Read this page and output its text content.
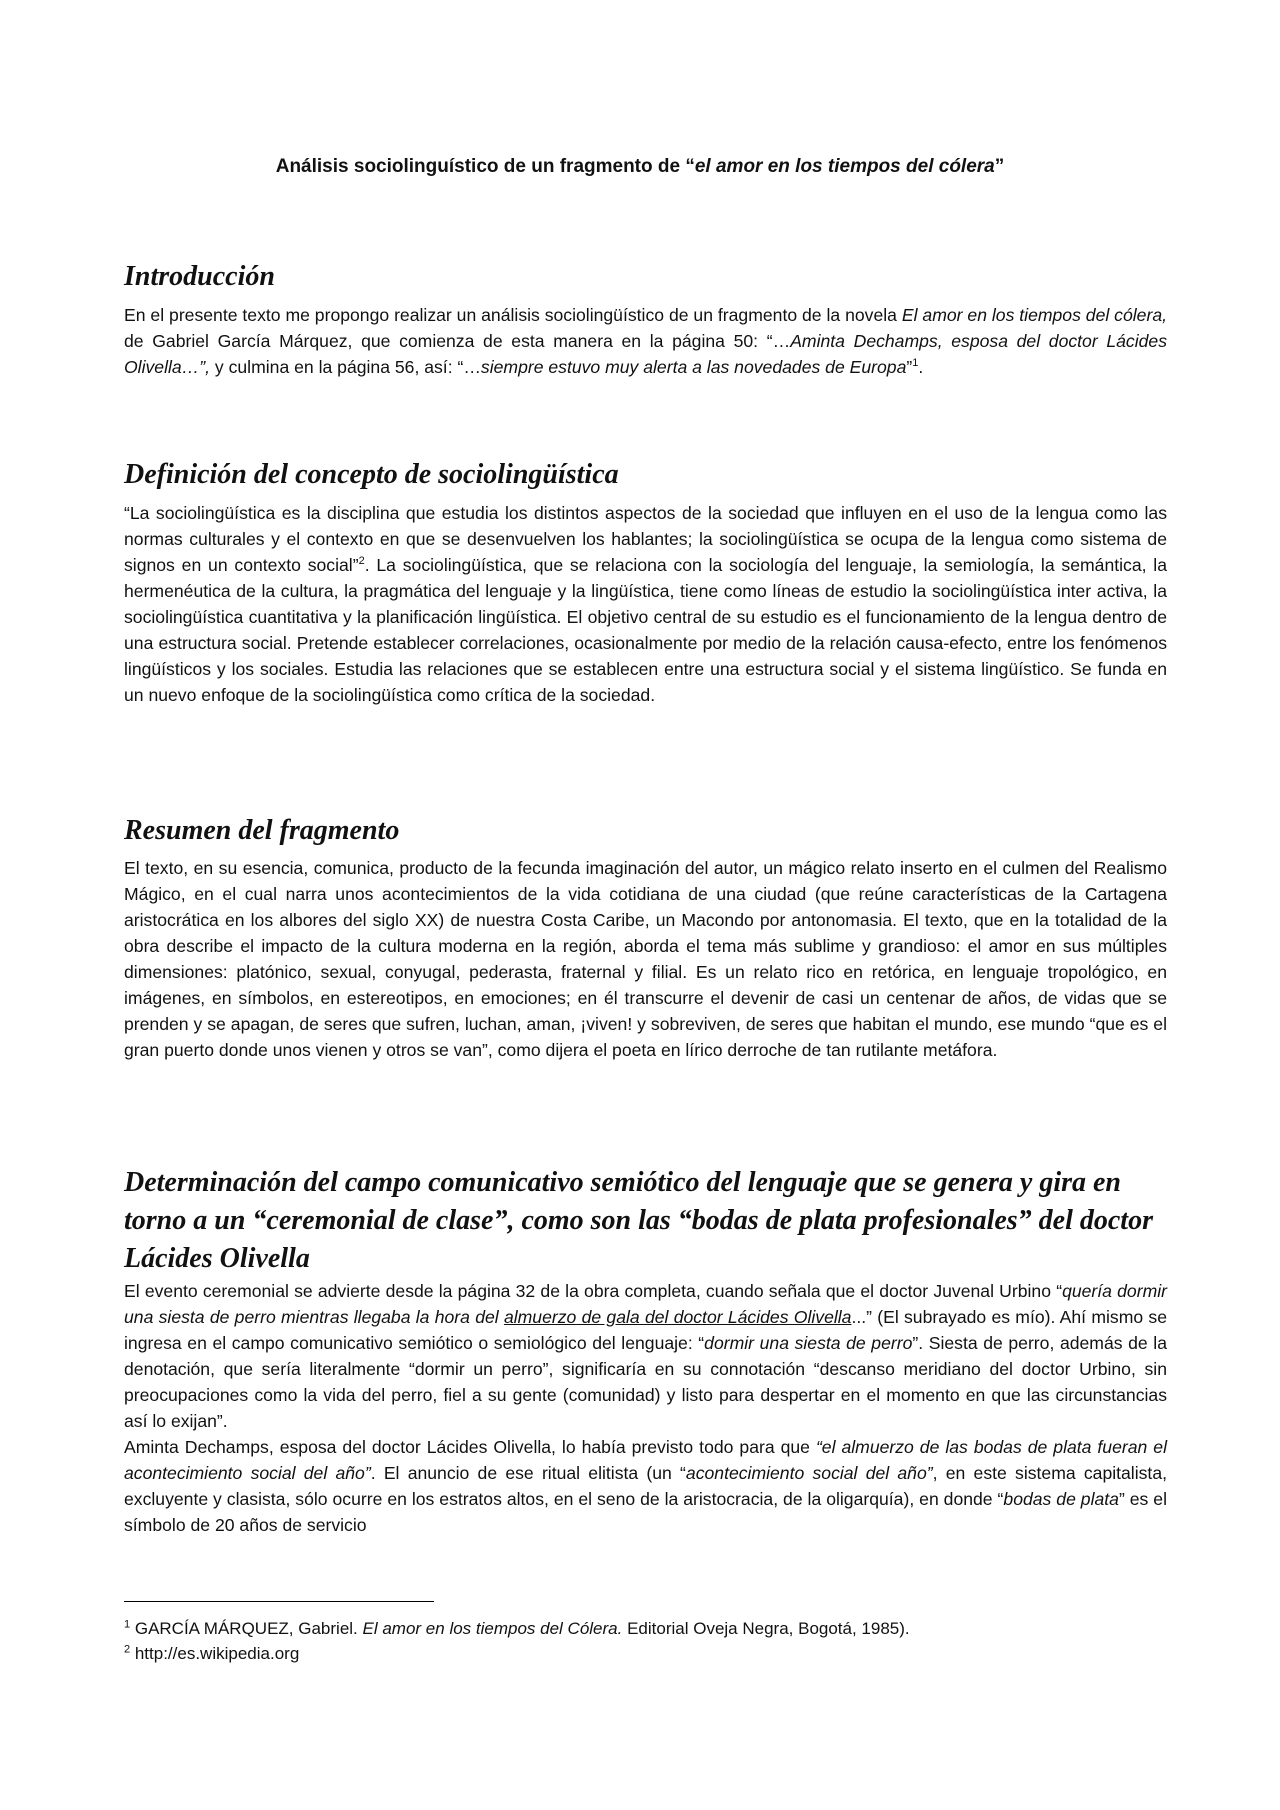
Análisis sociolinguístico de un fragmento de “el amor en los tiempos del cólera”
Introducción

En el presente texto me propongo realizar un análisis sociolingüístico de un fragmento de la novela El amor en los tiempos del cólera, de Gabriel García Márquez, que comienza de esta manera en la página 50: “…Aminta Dechamps, esposa del doctor Lácides Olivella…”, y culmina en la página 56, así: “…siempre estuvo muy alerta a las novedades de Europa”$^1$.

Definición del concepto de sociolingüística

“La sociolingüística es la disciplina que estudia los distintos aspectos de la sociedad que influyen en el uso de la lengua como las normas culturales y el contexto en que se desenvuelven los hablantes; la sociolingüística se ocupa de la lengua como sistema de signos en un contexto social”$^2$. La sociolingüística, que se relaciona con la sociología del lenguaje, la semiología, la semántica, la hermenéutica de la cultura, la pragmática del lenguaje y la lingüística, tiene como líneas de estudio la sociolingüística inter activa, la sociolingüística cuantitativa y la planificación lingüística. El objetivo central de su estudio es el funcionamiento de la lengua dentro de una estructura social. Pretende establecer correlaciones, ocasionalmente por medio de la relación causa-efecto, entre los fenómenos lingüísticos y los sociales. Estudia las relaciones que se establecen entre una estructura social y el sistema lingüístico. Se funda en un nuevo enfoque de la sociolingüística como crítica de la sociedad.

Resumen del fragmento

El texto, en su esencia, comunica, producto de la fecunda imaginación del autor, un mágico relato inserto en el culmen del Realismo Mágico, en el cual narra unos acontecimientos de la vida cotidiana de una ciudad (que reúne características de la Cartagena aristocrática en los albores del siglo XX) de nuestra Costa Caribe, un Macondo por antonomasia. El texto, que en la totalidad de la obra describe el impacto de la cultura moderna en la región, aborda el tema más sublime y grandioso: el amor en sus múltiples dimensiones: platónico, sexual, conyugal, pederasta, fraternal y filial. Es un relato rico en retórica, en lenguaje tropológico, en imágenes, en símbolos, en estereotipos, en emociones; en él transcurre el devenir de casi un centenar de años, de vidas que se prenden y se apagan, de seres que sufren, luchan, aman, ¡viven! y sobreviven, de seres que habitan el mundo, ese mundo “que es el gran puerto donde unos vienen y otros se van”, como dijera el poeta en lírico derroche de tan rutilante metáfora.

Determinación del campo comunicativo semiótico del lenguaje que se genera y gira en torno a un “ceremonial de clase”, como son las “bodas de plata profesionales” del doctor Lácides Olivella
El evento ceremonial se advierte desde la página 32 de la obra completa, cuando señala que el doctor Juvenal Urbino “quería dormir una siesta de perro mientras llegaba la hora del almuerzo de gala del doctor Lácides Olivella...” (El subrayado es mío). Ahí mismo se ingresa en el campo comunicativo semiótico o semiológico del lenguaje: “dormir una siesta de perro”. Siesta de perro, además de la denotación, que sería literalmente “dormir un perro”, significaría en su connotación “descanso meridiano del doctor Urbino, sin preocupaciones como la vida del perro, fiel a su gente (comunidad) y listo para despertar en el momento en que las circunstancias así lo exijan”.
Aminta Dechamps, esposa del doctor Lácides Olivella, lo había previsto todo para que “el almuerzo de las bodas de plata fueran el acontecimiento social del año”. El anuncio de ese ritual elitista (un “acontecimiento social del año”, en este sistema capitalista, excluyente y clasista, sólo ocurre en los estratos altos, en el seno de la aristocracia, de la oligarquía), en donde “bodas de plata” es el símbolo de 20 años de servicio
$^1$ GARCÍA MÁRQUEZ, Gabriel. El amor en los tiempos del Cólera. Editorial Oveja Negra, Bogotá, 1985).
$^2$ http://es.wikipedia.org
